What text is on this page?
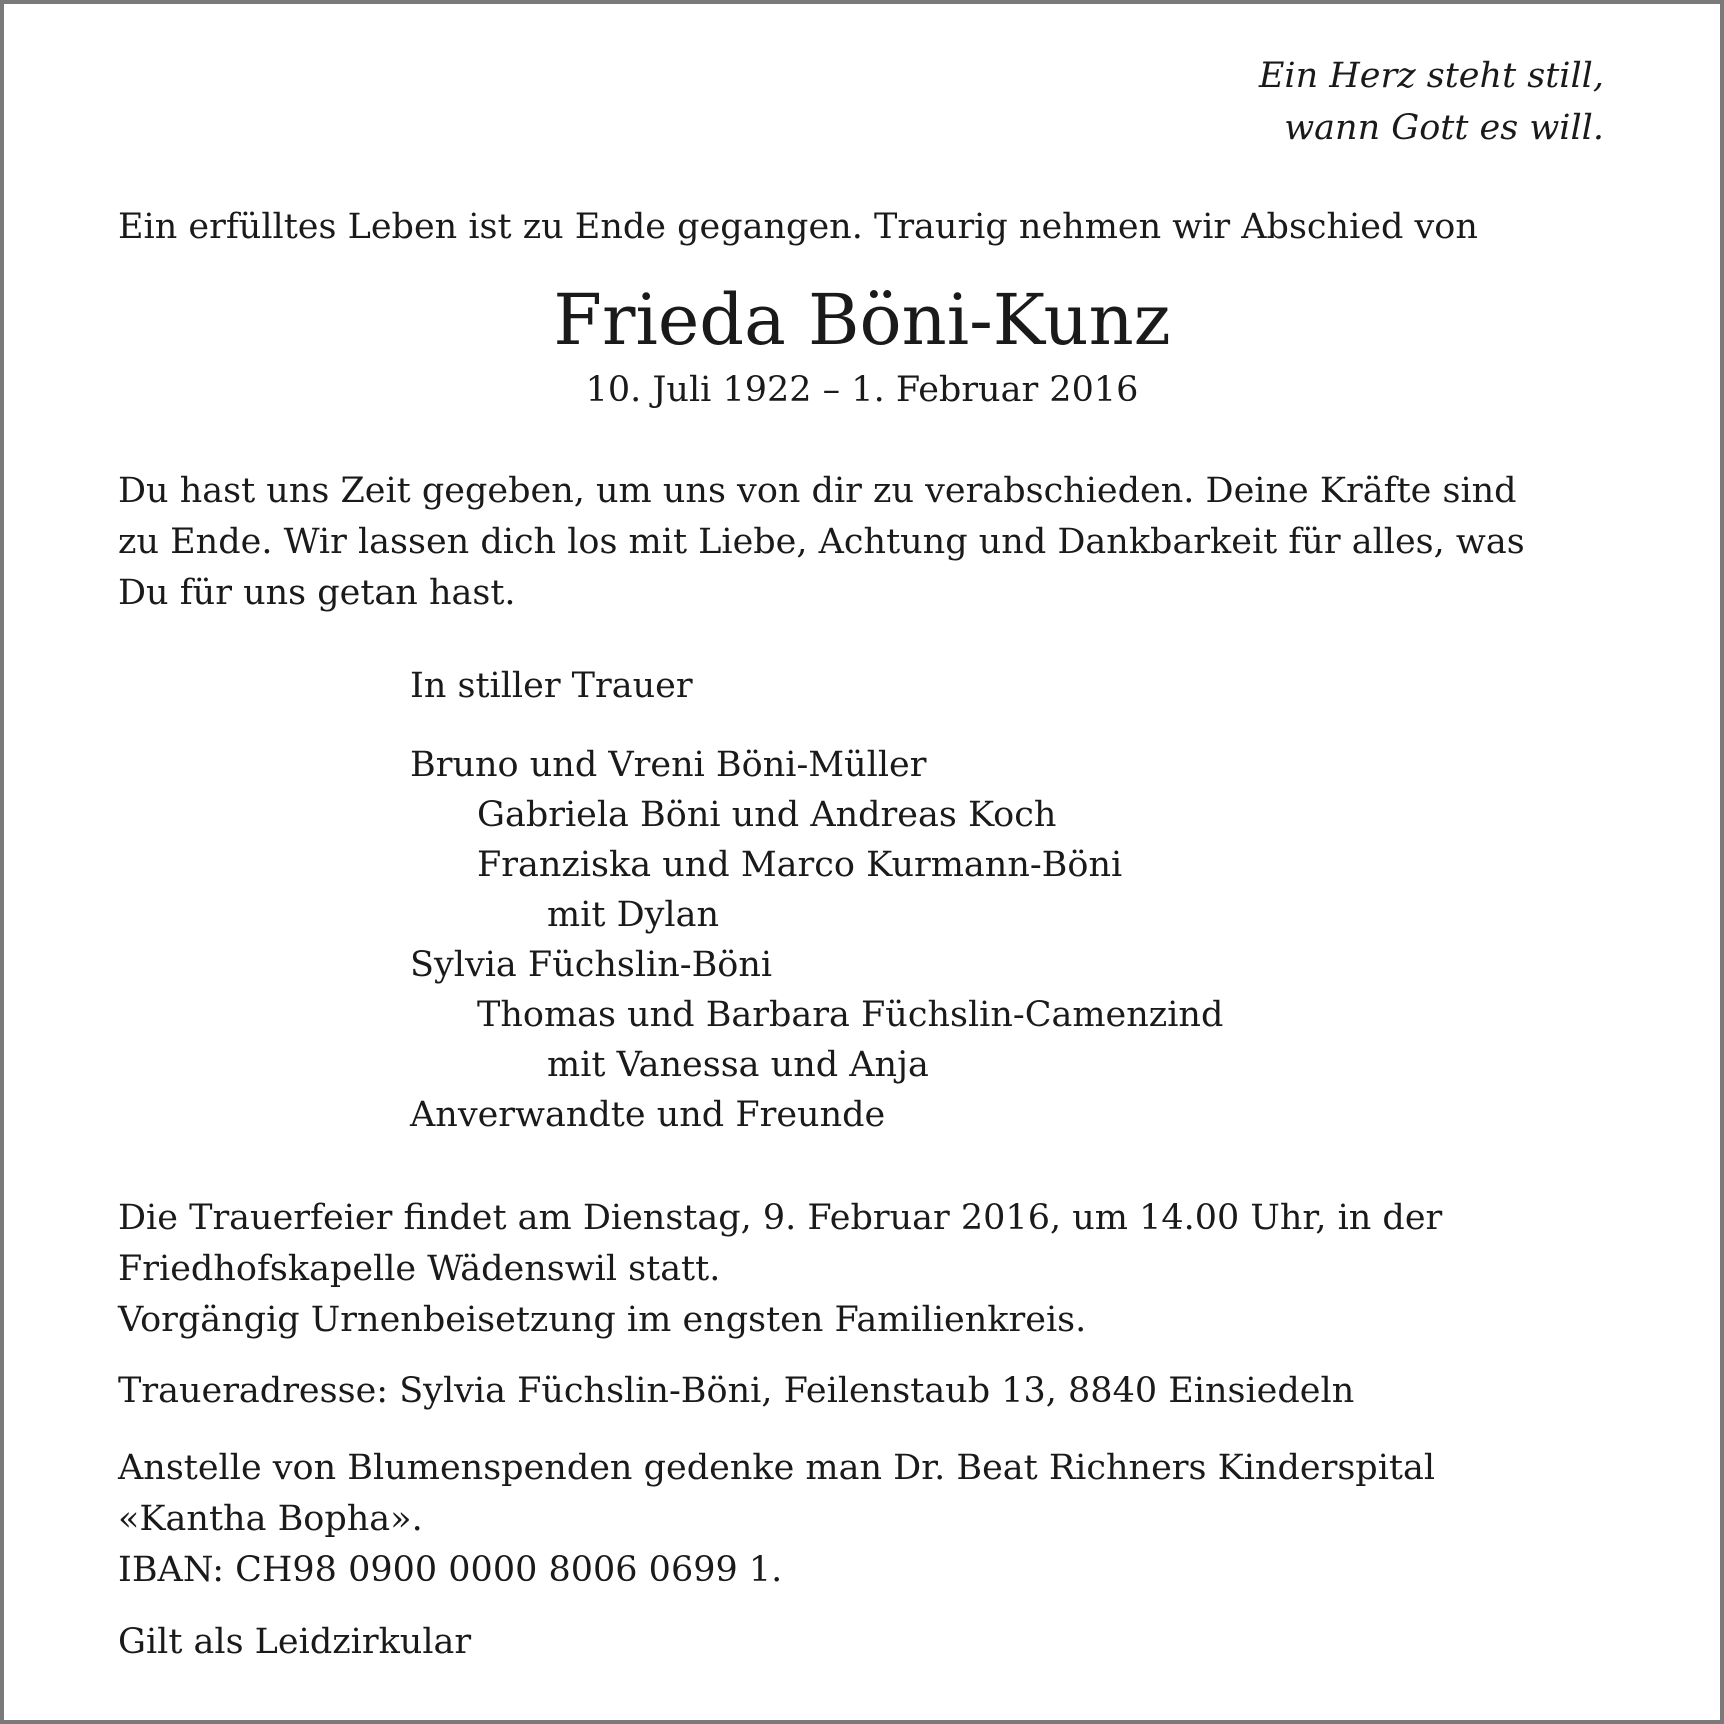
Ein Herz steht still,
wann Gott es will.
Ein erfülltes Leben ist zu Ende gegangen. Traurig nehmen wir Abschied von
Frieda Böni-Kunz
10. Juli 1922 – 1. Februar 2016
Du hast uns Zeit gegeben, um uns von dir zu verabschieden. Deine Kräfte sind
zu Ende. Wir lassen dich los mit Liebe, Achtung und Dankbarkeit für alles, was
Du für uns getan hast.
In stiller Trauer
Bruno und Vreni Böni-Müller
Gabriela Böni und Andreas Koch
Franziska und Marco Kurmann-Böni
mit Dylan
Sylvia Füchslin-Böni
Thomas und Barbara Füchslin-Camenzind
mit Vanessa und Anja
Anverwandte und Freunde
Die Trauerfeier findet am Dienstag, 9. Februar 2016, um 14.00 Uhr, in der
Friedhofskapelle Wädenswil statt.
Vorgängig Urnenbeisetzung im engsten Familienkreis.
Traueradresse: Sylvia Füchslin-Böni, Feilenstaub 13, 8840 Einsiedeln
Anstelle von Blumenspenden gedenke man Dr. Beat Richners Kinderspital
«Kantha Bopha».
IBAN: CH98 0900 0000 8006 0699 1.
Gilt als Leidzirkular
